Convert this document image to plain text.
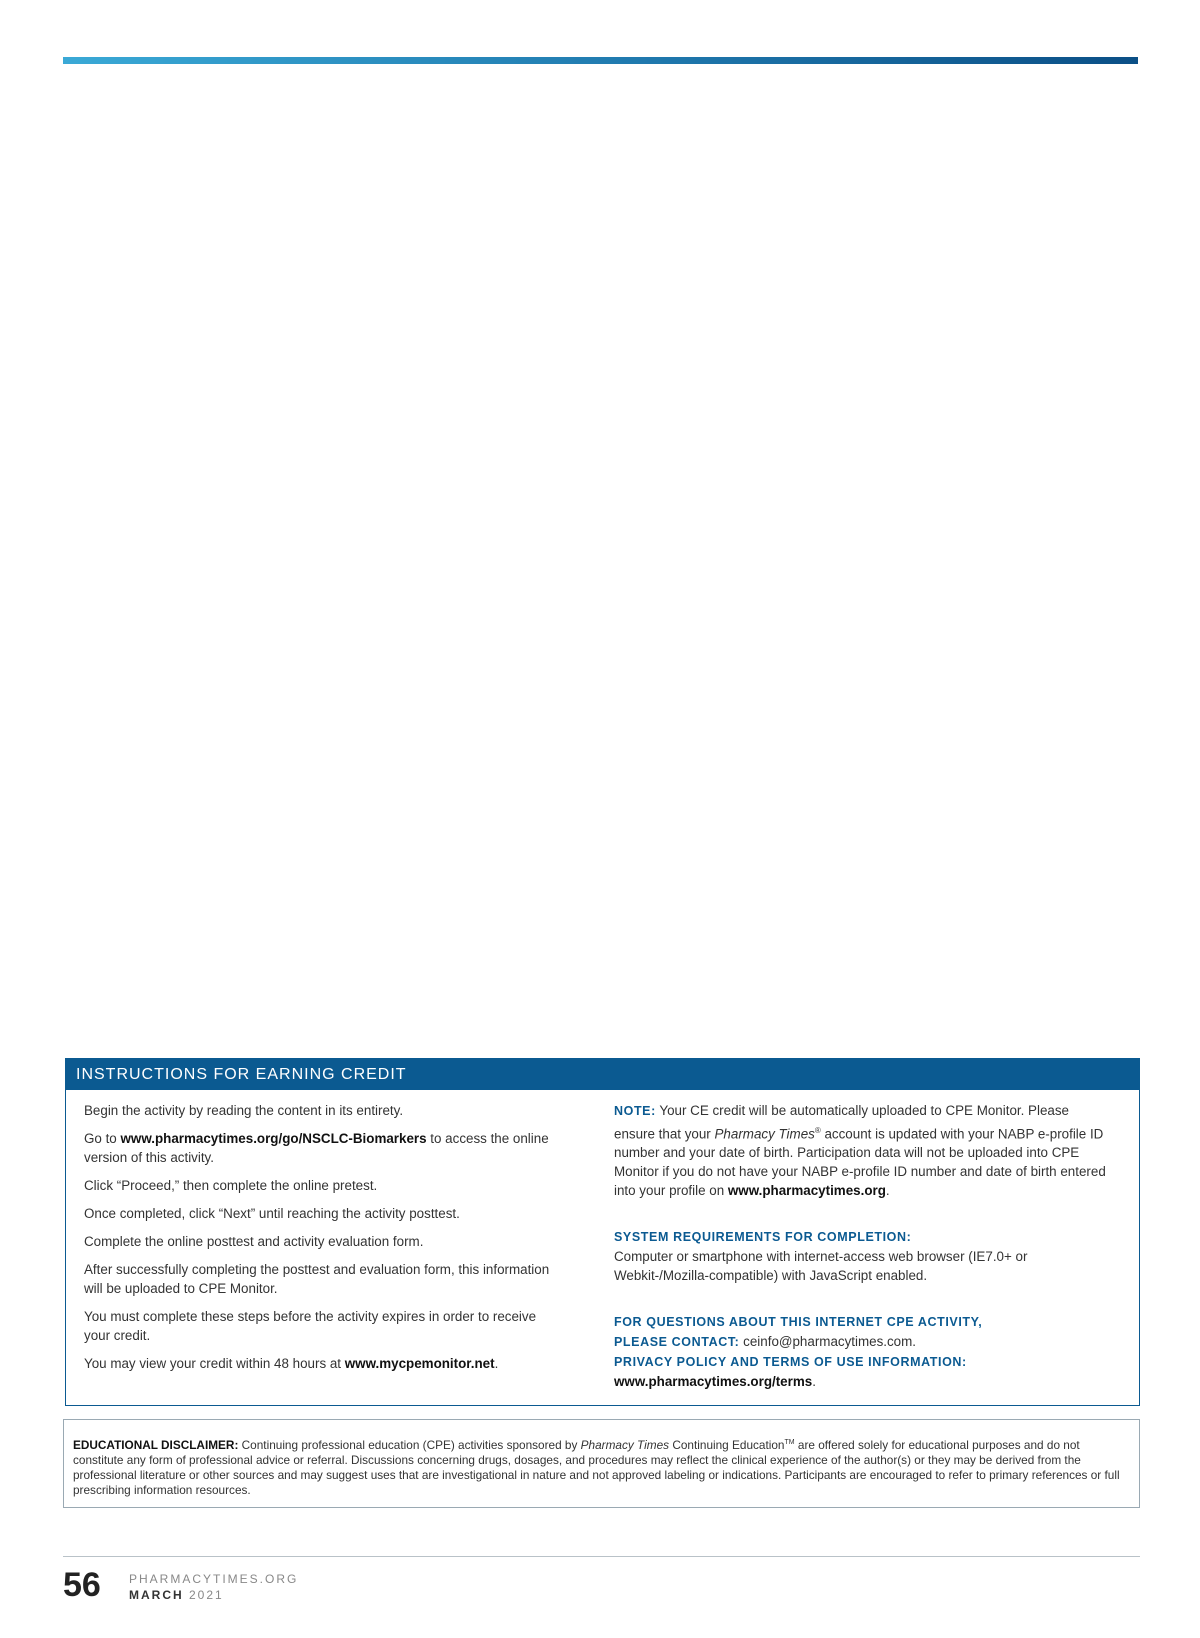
INSTRUCTIONS FOR EARNING CREDIT

Begin the activity by reading the content in its entirety.

Go to www.pharmacytimes.org/go/NSCLC-Biomarkers to access the online version of this activity.

Click “Proceed,” then complete the online pretest.

Once completed, click “Next” until reaching the activity posttest.

Complete the online posttest and activity evaluation form.

After successfully completing the posttest and evaluation form, this information will be uploaded to CPE Monitor.

You must complete these steps before the activity expires in order to receive your credit.

You may view your credit within 48 hours at www.mycpemonitor.net.

NOTE: Your CE credit will be automatically uploaded to CPE Monitor. Please ensure that your Pharmacy Times® account is updated with your NABP e-profile ID number and your date of birth. Participation data will not be uploaded into CPE Monitor if you do not have your NABP e-profile ID number and date of birth entered into your profile on www.pharmacytimes.org.

SYSTEM REQUIREMENTS FOR COMPLETION:

Computer or smartphone with internet-access web browser (IE7.0+ or Webkit-/Mozilla-compatible) with JavaScript enabled.

FOR QUESTIONS ABOUT THIS INTERNET CPE ACTIVITY,

PLEASE CONTACT: ceinfo@pharmacytimes.com.

PRIVACY POLICY AND TERMS OF USE INFORMATION:

www.pharmacytimes.org/terms.

EDUCATIONAL DISCLAIMER: Continuing professional education (CPE) activities sponsored by Pharmacy Times Continuing Education™ are offered solely for educational purposes and do not constitute any form of professional advice or referral. Discussions concerning drugs, dosages, and procedures may reflect the clinical experience of the author(s) or they may be derived from the professional literature or other sources and may suggest uses that are investigational in nature and not approved labeling or indications. Participants are encouraged to refer to primary references or full prescribing information resources.
56 PHARMACYTIMES.ORG
MARCH 2021
